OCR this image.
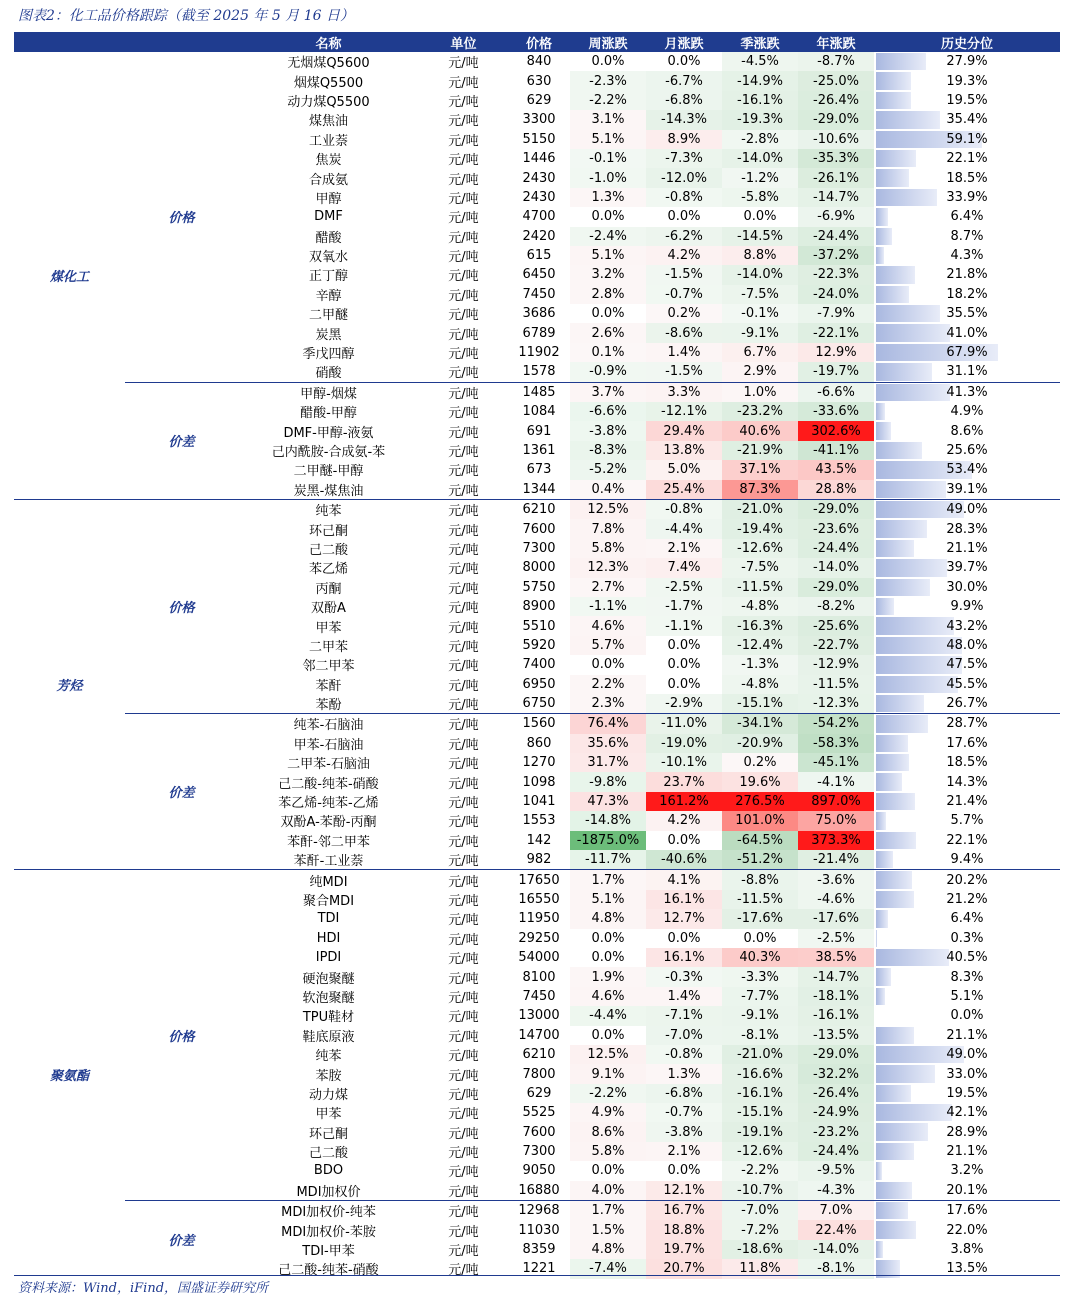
图表2：化工品价格跟踪（截至 2025 年 5 月 16 日）
		名称	单位	价格	周涨跌	月涨跌	季涨跌	年涨跌	历史分位
煤化工	价格	无烟煤Q5600	元/吨	840	0.0%	0.0%	-4.5%	-8.7%	27.9%
		烟煤Q5500	元/吨	630	-2.3%	-6.7%	-14.9%	-25.0%	19.3%
		动力煤Q5500	元/吨	629	-2.2%	-6.8%	-16.1%	-26.4%	19.5%
		煤焦油	元/吨	3300	3.1%	-14.3%	-19.3%	-29.0%	35.4%
		工业萘	元/吨	5150	5.1%	8.9%	-2.8%	-10.6%	59.1%
		焦炭	元/吨	1446	-0.1%	-7.3%	-14.0%	-35.3%	22.1%
		合成氨	元/吨	2430	-1.0%	-12.0%	-1.2%	-26.1%	18.5%
		甲醇	元/吨	2430	1.3%	-0.8%	-5.8%	-14.7%	33.9%
		DMF	元/吨	4700	0.0%	0.0%	0.0%	-6.9%	6.4%
		醋酸	元/吨	2420	-2.4%	-6.2%	-14.5%	-24.4%	8.7%
		双氧水	元/吨	615	5.1%	4.2%	8.8%	-37.2%	4.3%
		正丁醇	元/吨	6450	3.2%	-1.5%	-14.0%	-22.3%	21.8%
		辛醇	元/吨	7450	2.8%	-0.7%	-7.5%	-24.0%	18.2%
		二甲醚	元/吨	3686	0.0%	0.2%	-0.1%	-7.9%	35.5%
		炭黑	元/吨	6789	2.6%	-8.6%	-9.1%	-22.1%	41.0%
		季戊四醇	元/吨	11902	0.1%	1.4%	6.7%	12.9%	67.9%
		硝酸	元/吨	1578	-0.9%	-1.5%	2.9%	-19.7%	31.1%
	价差	甲醇-烟煤	元/吨	1485	3.7%	3.3%	1.0%	-6.6%	41.3%
		醋酸-甲醇	元/吨	1084	-6.6%	-12.1%	-23.2%	-33.6%	4.9%
		DMF-甲醇-液氨	元/吨	691	-3.8%	29.4%	40.6%	302.6%	8.6%
		己内酰胺-合成氨-苯	元/吨	1361	-8.3%	13.8%	-21.9%	-41.1%	25.6%
		二甲醚-甲醇	元/吨	673	-5.2%	5.0%	37.1%	43.5%	53.4%
		炭黑-煤焦油	元/吨	1344	0.4%	25.4%	87.3%	28.8%	39.1%
芳烃	价格	纯苯	元/吨	6210	12.5%	-0.8%	-21.0%	-29.0%	49.0%
		环己酮	元/吨	7600	7.8%	-4.4%	-19.4%	-23.6%	28.3%
		己二酸	元/吨	7300	5.8%	2.1%	-12.6%	-24.4%	21.1%
		苯乙烯	元/吨	8000	12.3%	7.4%	-7.5%	-14.0%	39.7%
		丙酮	元/吨	5750	2.7%	-2.5%	-11.5%	-29.0%	30.0%
		双酚A	元/吨	8900	-1.1%	-1.7%	-4.8%	-8.2%	9.9%
		甲苯	元/吨	5510	4.6%	-1.1%	-16.3%	-25.6%	43.2%
		二甲苯	元/吨	5920	5.7%	0.0%	-12.4%	-22.7%	48.0%
		邻二甲苯	元/吨	7400	0.0%	0.0%	-1.3%	-12.9%	47.5%
		苯酐	元/吨	6950	2.2%	0.0%	-4.8%	-11.5%	45.5%
		苯酚	元/吨	6750	2.3%	-2.9%	-15.1%	-12.3%	26.7%
	价差	纯苯-石脑油	元/吨	1560	76.4%	-11.0%	-34.1%	-54.2%	28.7%
		甲苯-石脑油	元/吨	860	35.6%	-19.0%	-20.9%	-58.3%	17.6%
		二甲苯-石脑油	元/吨	1270	31.7%	-10.1%	0.2%	-45.1%	18.5%
		己二酸-纯苯-硝酸	元/吨	1098	-9.8%	23.7%	19.6%	-4.1%	14.3%
		苯乙烯-纯苯-乙烯	元/吨	1041	47.3%	161.2%	276.5%	897.0%	21.4%
		双酚A-苯酚-丙酮	元/吨	1553	-14.8%	4.2%	101.0%	75.0%	5.7%
		苯酐-邻二甲苯	元/吨	142	-1875.0%	0.0%	-64.5%	373.3%	22.1%
		苯酐-工业萘	元/吨	982	-11.7%	-40.6%	-51.2%	-21.4%	9.4%
聚氨酯	价格	纯MDI	元/吨	17650	1.7%	4.1%	-8.8%	-3.6%	20.2%
		聚合MDI	元/吨	16550	5.1%	16.1%	-11.5%	-4.6%	21.2%
		TDI	元/吨	11950	4.8%	12.7%	-17.6%	-17.6%	6.4%
		HDI	元/吨	29250	0.0%	0.0%	0.0%	-2.5%	0.3%
		IPDI	元/吨	54000	0.0%	16.1%	40.3%	38.5%	40.5%
		硬泡聚醚	元/吨	8100	1.9%	-0.3%	-3.3%	-14.7%	8.3%
		软泡聚醚	元/吨	7450	4.6%	1.4%	-7.7%	-18.1%	5.1%
		TPU鞋材	元/吨	13000	-4.4%	-7.1%	-9.1%	-16.1%	0.0%
		鞋底原液	元/吨	14700	0.0%	-7.0%	-8.1%	-13.5%	21.1%
		纯苯	元/吨	6210	12.5%	-0.8%	-21.0%	-29.0%	49.0%
		苯胺	元/吨	7800	9.1%	1.3%	-16.6%	-32.2%	33.0%
		动力煤	元/吨	629	-2.2%	-6.8%	-16.1%	-26.4%	19.5%
		甲苯	元/吨	5525	4.9%	-0.7%	-15.1%	-24.9%	42.1%
		环己酮	元/吨	7600	8.6%	-3.8%	-19.1%	-23.2%	28.9%
		己二酸	元/吨	7300	5.8%	2.1%	-12.6%	-24.4%	21.1%
		BDO	元/吨	9050	0.0%	0.0%	-2.2%	-9.5%	3.2%
		MDI加权价	元/吨	16880	4.0%	12.1%	-10.7%	-4.3%	20.1%
	价差	MDI加权价-纯苯	元/吨	12968	1.7%	16.7%	-7.0%	7.0%	17.6%
		MDI加权价-苯胺	元/吨	11030	1.5%	18.8%	-7.2%	22.4%	22.0%
		TDI-甲苯	元/吨	8359	4.8%	19.7%	-18.6%	-14.0%	3.8%
		己二酸-纯苯-硝酸	元/吨	1221	-7.4%	20.7%	11.8%	-8.1%	13.5%
资料来源：Wind，iFind，国盛证券研究所
